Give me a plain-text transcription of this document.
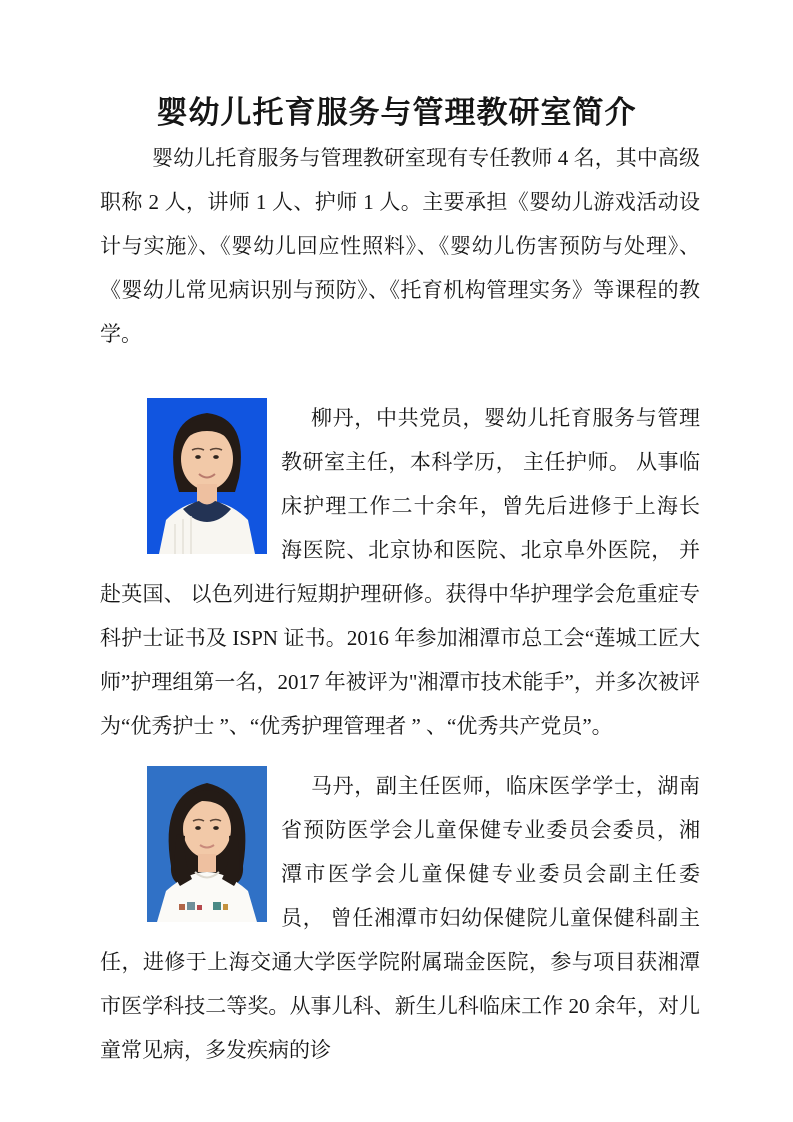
婴幼儿托育服务与管理教研室简介

婴幼儿托育服务与管理教研室现有专任教师 4 名，其中高级职称 2 人，讲师 1 人、护师 1 人。主要承担《婴幼儿游戏活动设计与实施》、《婴幼儿回应性照料》、《婴幼儿伤害预防与处理》、《婴幼儿常见病识别与预防》、《托育机构管理实务》等课程的教学。

柳丹，中共党员，婴幼儿托育服务与管理教研室主任，本科学历， 主任护师。 从事临床护理工作二十余年，曾先后进修于上海长海医院、北京协和医院、北京阜外医院， 并赴英国、 以色列进行短期护理研修。获得中华护理学会危重症专科护士证书及 ISPN 证书。2016 年参加湘潭市总工会“莲城工匠大师”护理组第一名，2017 年被评为"湘潭市技术能手”，并多次被评为“优秀护士 ”、“优秀护理管理者 ” 、“优秀共产党员”。

马丹，副主任医师，临床医学学士，湖南省预防医学会儿童保健专业委员会委员，湘潭市医学会儿童保健专业委员会副主任委员， 曾任湘潭市妇幼保健院儿童保健科副主任，进修于上海交通大学医学院附属瑞金医院，参与项目获湘潭市医学科技二等奖。从事儿科、新生儿科临床工作 20 余年，对儿童常见病，多发疾病的诊
